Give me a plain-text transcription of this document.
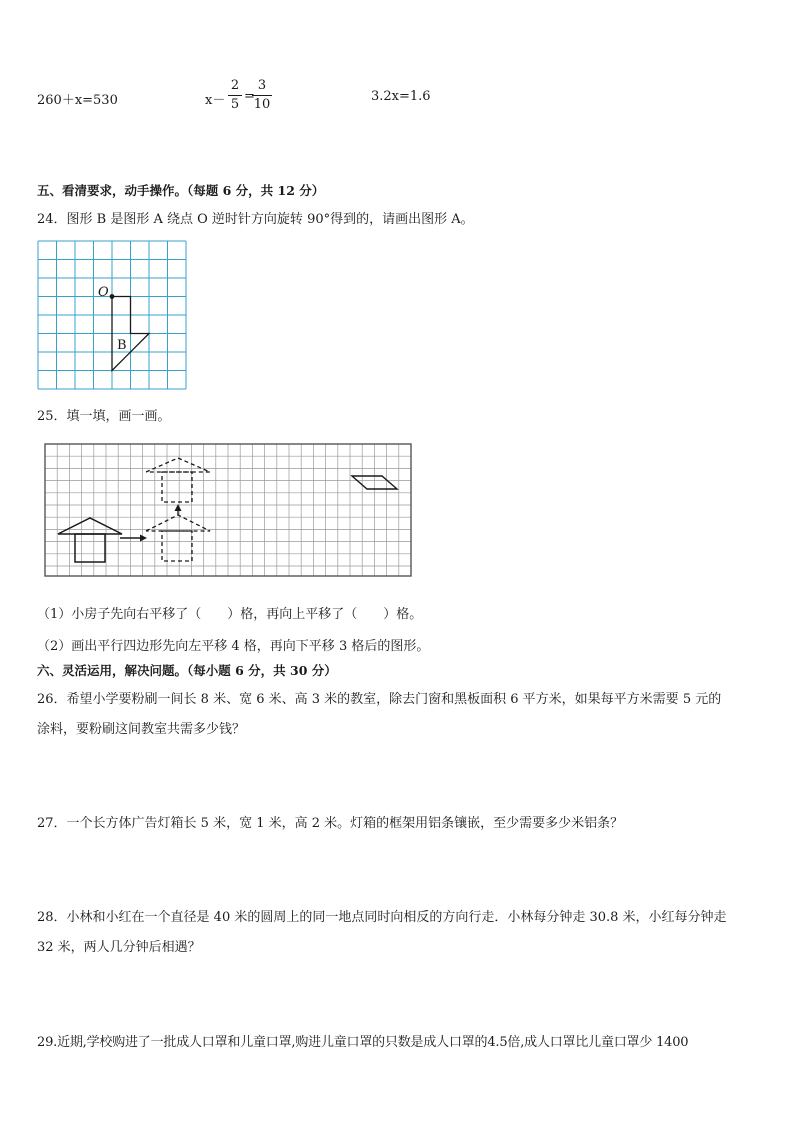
260＋x=530	x－
2
5
=
3
10
3.2x=1.6
五、看清要求，动手操作。（每题 6 分，共 12 分）
24．图形 B 是图形 A 绕点 O 逆时针方向旋转 90°得到的，请画出图形 A。
O
B
25．填一填，画一画。
（1）小房子先向右平移了（　　）格，再向上平移了（　　）格。
（2）画出平行四边形先向左平移 4 格，再向下平移 3 格后的图形。
六、灵活运用，解决问题。（每小题 6 分，共 30 分）
26．希望小学要粉刷一间长 8 米、宽 6 米、高 3 米的教室，除去门窗和黑板面积 6 平方米，如果每平方米需要 5 元的
涂料，要粉刷这间教室共需多少钱？
27．一个长方体广告灯箱长 5 米，宽 1 米，高 2 米。灯箱的框架用铝条镶嵌，至少需要多少米铝条？
28．小林和小红在一个直径是 40 米的圆周上的同一地点同时向相反的方向行走．小林每分钟走 30.8 米，小红每分钟走
32 米，两人几分钟后相遇？
29.近期,学校购进了一批成人口罩和儿童口罩,购进儿童口罩的只数是成人口罩的4.5倍,成人口罩比儿童口罩少 1400
